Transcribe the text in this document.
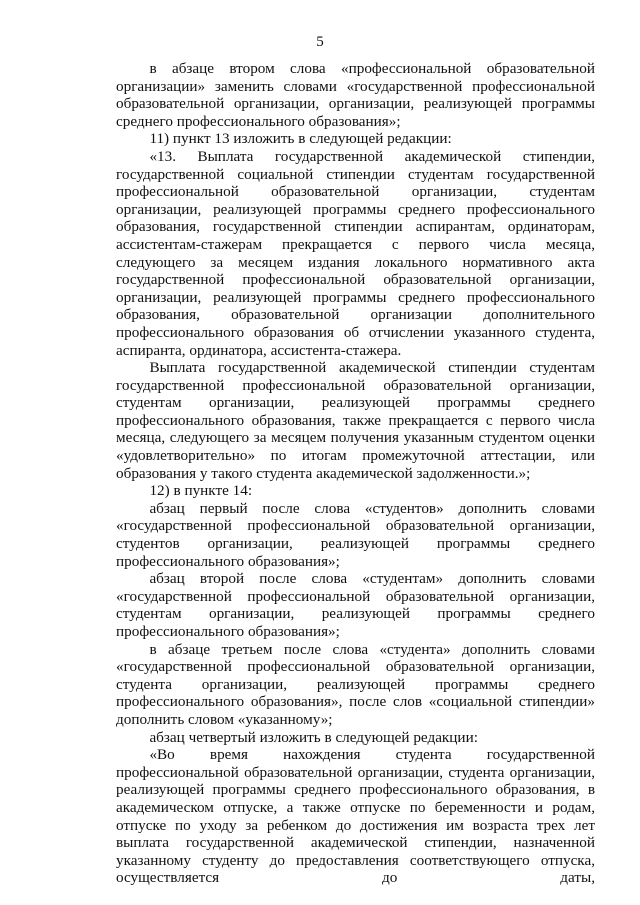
5

в абзаце втором слова «профессиональной образовательной организации» заменить словами «государственной профессиональной образовательной организации, организации, реализующей программы среднего профессионального образования»;

11) пункт 13 изложить в следующей редакции:

«13. Выплата государственной академической стипендии, государственной социальной стипендии студентам государственной профессиональной образовательной организации, студентам организации, реализующей программы среднего профессионального образования, государственной стипендии аспирантам, ординаторам, ассистентам-стажерам прекращается с первого числа месяца, следующего за месяцем издания локального нормативного акта государственной профессиональной образовательной организации, организации, реализующей программы среднего профессионального образования, образовательной организации дополнительного профессионального образования об отчислении указанного студента, аспиранта, ординатора, ассистента-стажера.

Выплата государственной академической стипендии студентам государственной профессиональной образовательной организации, студентам организации, реализующей программы среднего профессионального образования, также прекращается с первого числа месяца, следующего за месяцем получения указанным студентом оценки «удовлетворительно» по итогам промежуточной аттестации, или образования у такого студента академической задолженности.»;

12) в пункте 14:

абзац первый после слова «студентов» дополнить словами «государственной профессиональной образовательной организации, студентов организации, реализующей программы среднего профессионального образования»;

абзац второй после слова «студентам» дополнить словами «государственной профессиональной образовательной организации, студентам организации, реализующей программы среднего профессионального образования»;

в абзаце третьем после слова «студента» дополнить словами «государственной профессиональной образовательной организации, студента организации, реализующей программы среднего профессионального образования», после слов «социальной стипендии» дополнить словом «указанному»;

абзац четвертый изложить в следующей редакции:

«Во время нахождения студента государственной профессиональной образовательной организации, студента организации, реализующей программы среднего профессионального образования, в академическом отпуске, а также отпуске по беременности и родам, отпуске по уходу за ребенком до достижения им возраста трех лет выплата государственной академической стипендии, назначенной указанному студенту до предоставления соответствующего отпуска, осуществляется до даты,
